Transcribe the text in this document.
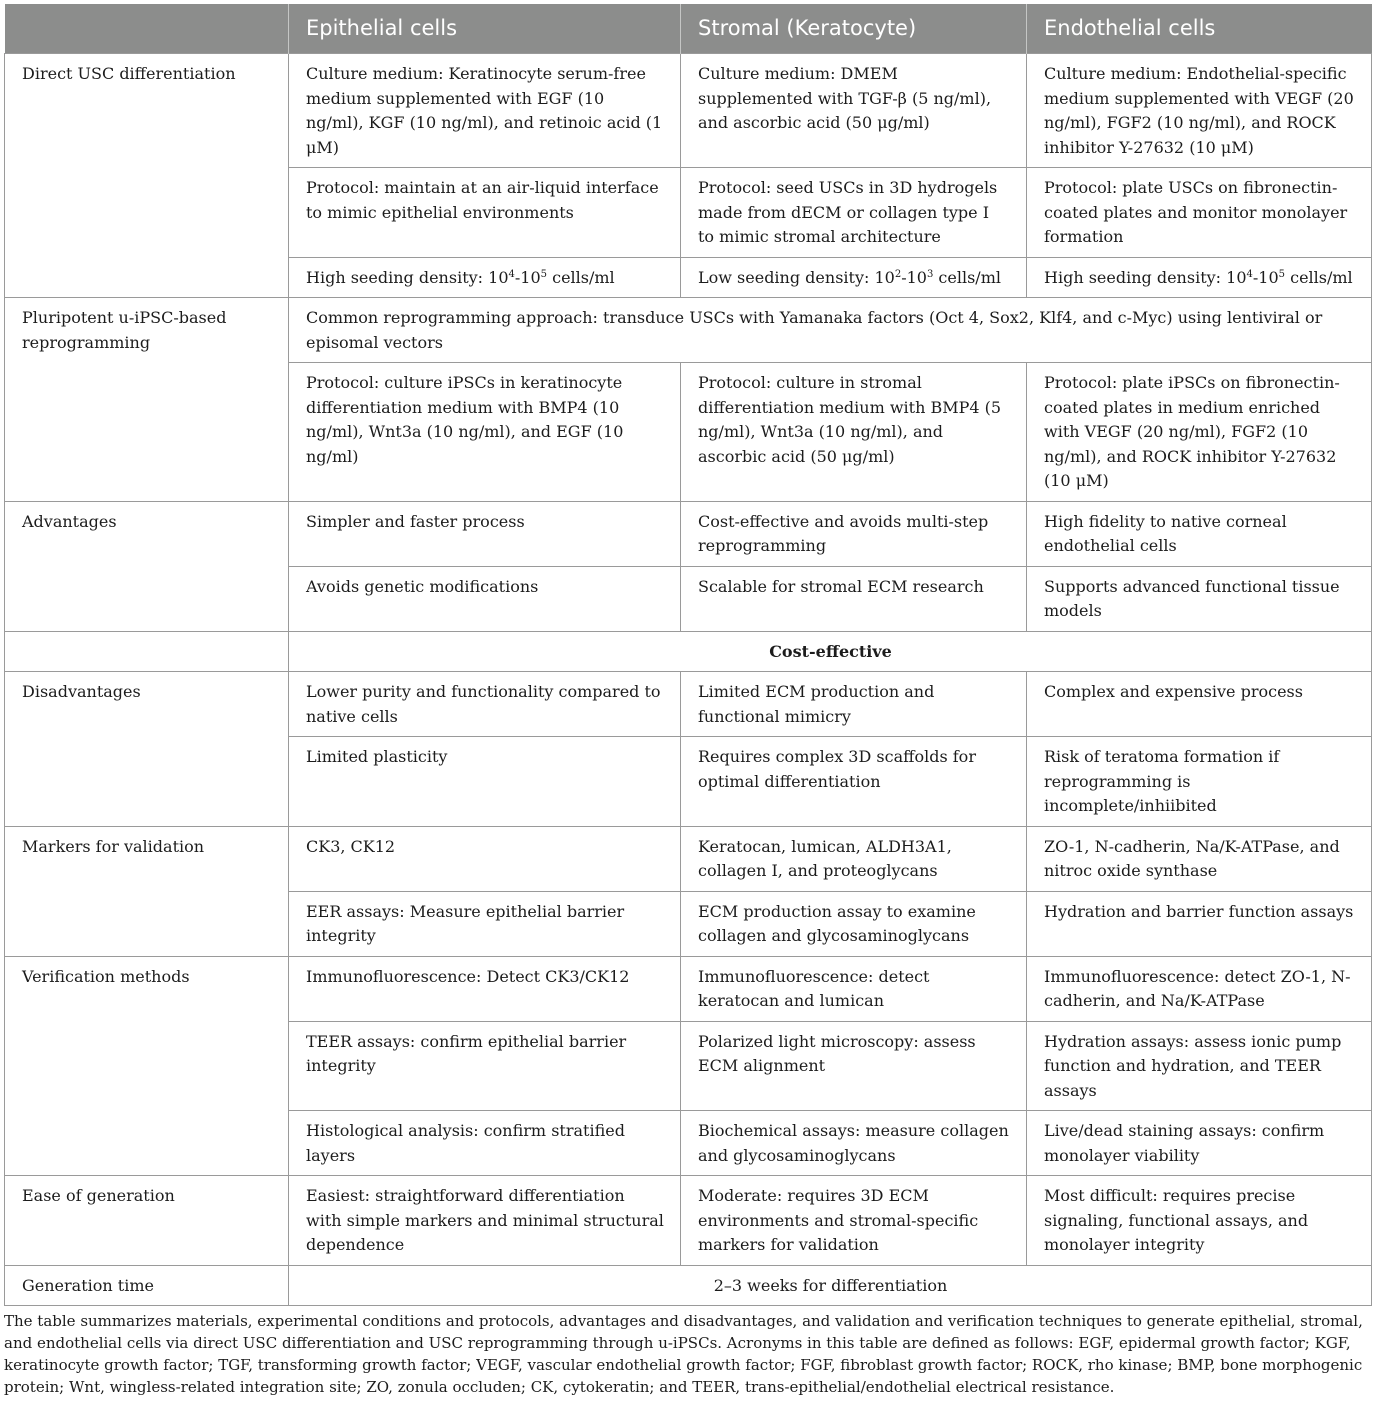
	Epithelial cells	Stromal (Keratocyte)	Endothelial cells
Direct USC differentiation	Culture medium: Keratinocyte serum-free medium supplemented with EGF (10 ng/ml), KGF (10 ng/ml), and retinoic acid (1 μM)	Culture medium: DMEM supplemented with TGF-β (5 ng/ml), and ascorbic acid (50 μg/ml)	Culture medium: Endothelial-specific medium supplemented with VEGF (20 ng/ml), FGF2 (10 ng/ml), and ROCK inhibitor Y-27632 (10 μM)
	Protocol: maintain at an air-liquid interface to mimic epithelial environments	Protocol: seed USCs in 3D hydrogels made from dECM or collagen type I to mimic stromal architecture	Protocol: plate USCs on fibronectin-coated plates and monitor monolayer formation
	High seeding density: $10^4-10^5$ cells/ml	Low seeding density: $10^2-10^3$ cells/ml	High seeding density: $10^4-10^5$ cells/ml
Pluripotent u-iPSC-based reprogramming	Common reprogramming approach: transduce USCs with Yamanaka factors (Oct 4, Sox2, Klf4, and c-Myc) using lentiviral or episomal vectors		
	Protocol: culture iPSCs in keratinocyte differentiation medium with BMP4 (10 ng/ml), Wnt3a (10 ng/ml), and EGF (10 ng/ml)	Protocol: culture in stromal differentiation medium with BMP4 (5 ng/ml), Wnt3a (10 ng/ml), and ascorbic acid (50 μg/ml)	Protocol: plate iPSCs on fibronectin-coated plates in medium enriched with VEGF (20 ng/ml), FGF2 (10 ng/ml), and ROCK inhibitor Y-27632 (10 μM)
Advantages	Simpler and faster process	Cost-effective and avoids multi-step reprogramming	High fidelity to native corneal endothelial cells
	Avoids genetic modifications	Scalable for stromal ECM research	Supports advanced functional tissue models
	Cost-effective		
Disadvantages	Lower purity and functionality compared to native cells	Limited ECM production and functional mimicry	Complex and expensive process
	Limited plasticity	Requires complex 3D scaffolds for optimal differentiation	Risk of teratoma formation if reprogramming is incomplete/inhiibited
Markers for validation	CK3, CK12	Keratocan, lumican, ALDH3A1, collagen I, and proteoglycans	ZO-1, N-cadherin, Na/K-ATPase, and nitroc oxide synthase
	EER assays: Measure epithelial barrier integrity	ECM production assay to examine collagen and glycosaminoglycans	Hydration and barrier function assays
Verification methods	Immunofluorescence: Detect CK3/CK12	Immunofluorescence: detect keratocan and lumican	Immunofluorescence: detect ZO-1, N-cadherin, and Na/K-ATPase
	TEER assays: confirm epithelial barrier integrity	Polarized light microscopy: assess ECM alignment	Hydration assays: assess ionic pump function and hydration, and TEER assays
	Histological analysis: confirm stratified layers	Biochemical assays: measure collagen and glycosaminoglycans	Live/dead staining assays: confirm monolayer viability
Ease of generation	Easiest: straightforward differentiation with simple markers and minimal structural dependence	Moderate: requires 3D ECM environments and stromal-specific markers for validation	Most difficult: requires precise signaling, functional assays, and monolayer integrity
Generation time	2–3 weeks for differentiation		
The table summarizes materials, experimental conditions and protocols, advantages and disadvantages, and validation and verification techniques to generate epithelial, stromal, and endothelial cells via direct USC differentiation and USC reprogramming through u-iPSCs. Acronyms in this table are defined as follows: EGF, epidermal growth factor; KGF, keratinocyte growth factor; TGF, transforming growth factor; VEGF, vascular endothelial growth factor; FGF, fibroblast growth factor; ROCK, rho kinase; BMP, bone morphogenic protein; Wnt, wingless-related integration site; ZO, zonula occluden; CK, cytokeratin; and TEER, trans-epithelial/endothelial electrical resistance.
